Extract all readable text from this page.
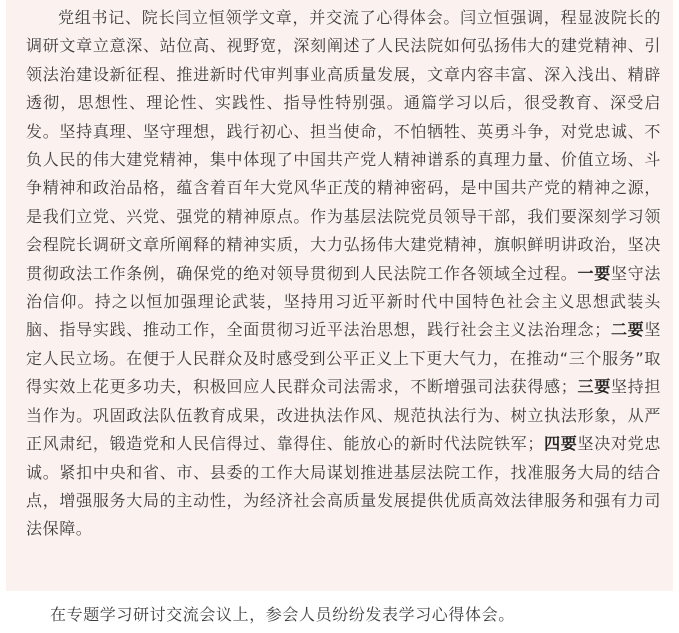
党组书记、院长闫立恒领学文章，并交流了心得体会。闫立恒强调，程显波院长的调研文章立意深、站位高、视野宽，深刻阐述了人民法院如何弘扬伟大的建党精神、引领法治建设新征程、推进新时代审判事业高质量发展，文章内容丰富、深入浅出、精辟透彻，思想性、理论性、实践性、指导性特别强。通篇学习以后，很受教育、深受启发。坚持真理、坚守理想，践行初心、担当使命，不怕牺牲、英勇斗争，对党忠诚、不负人民的伟大建党精神，集中体现了中国共产党人精神谱系的真理力量、价值立场、斗争精神和政治品格，蕴含着百年大党风华正茂的精神密码，是中国共产党的精神之源，是我们立党、兴党、强党的精神原点。作为基层法院党员领导干部，我们要深刻学习领会程院长调研文章所阐释的精神实质，大力弘扬伟大建党精神，旗帜鲜明讲政治，坚决贯彻政法工作条例，确保党的绝对领导贯彻到人民法院工作各领域全过程。一要坚守法治信仰。持之以恒加强理论武装，坚持用习近平新时代中国特色社会主义思想武装头脑、指导实践、推动工作，全面贯彻习近平法治思想，践行社会主义法治理念；二要坚定人民立场。在便于人民群众及时感受到公平正义上下更大气力，在推动“三个服务”取得实效上花更多功夫，积极回应人民群众司法需求，不断增强司法获得感；三要坚持担当作为。巩固政法队伍教育成果，改进执法作风、规范执法行为、树立执法形象，从严正风肃纪，锻造党和人民信得过、靠得住、能放心的新时代法院铁军；四要坚决对党忠诚。紧扣中央和省、市、县委的工作大局谋划推进基层法院工作，找准服务大局的结合点，增强服务大局的主动性，为经济社会高质量发展提供优质高效法律服务和强有力司法保障。

在专题学习研讨交流会议上，参会人员纷纷发表学习心得体会。
